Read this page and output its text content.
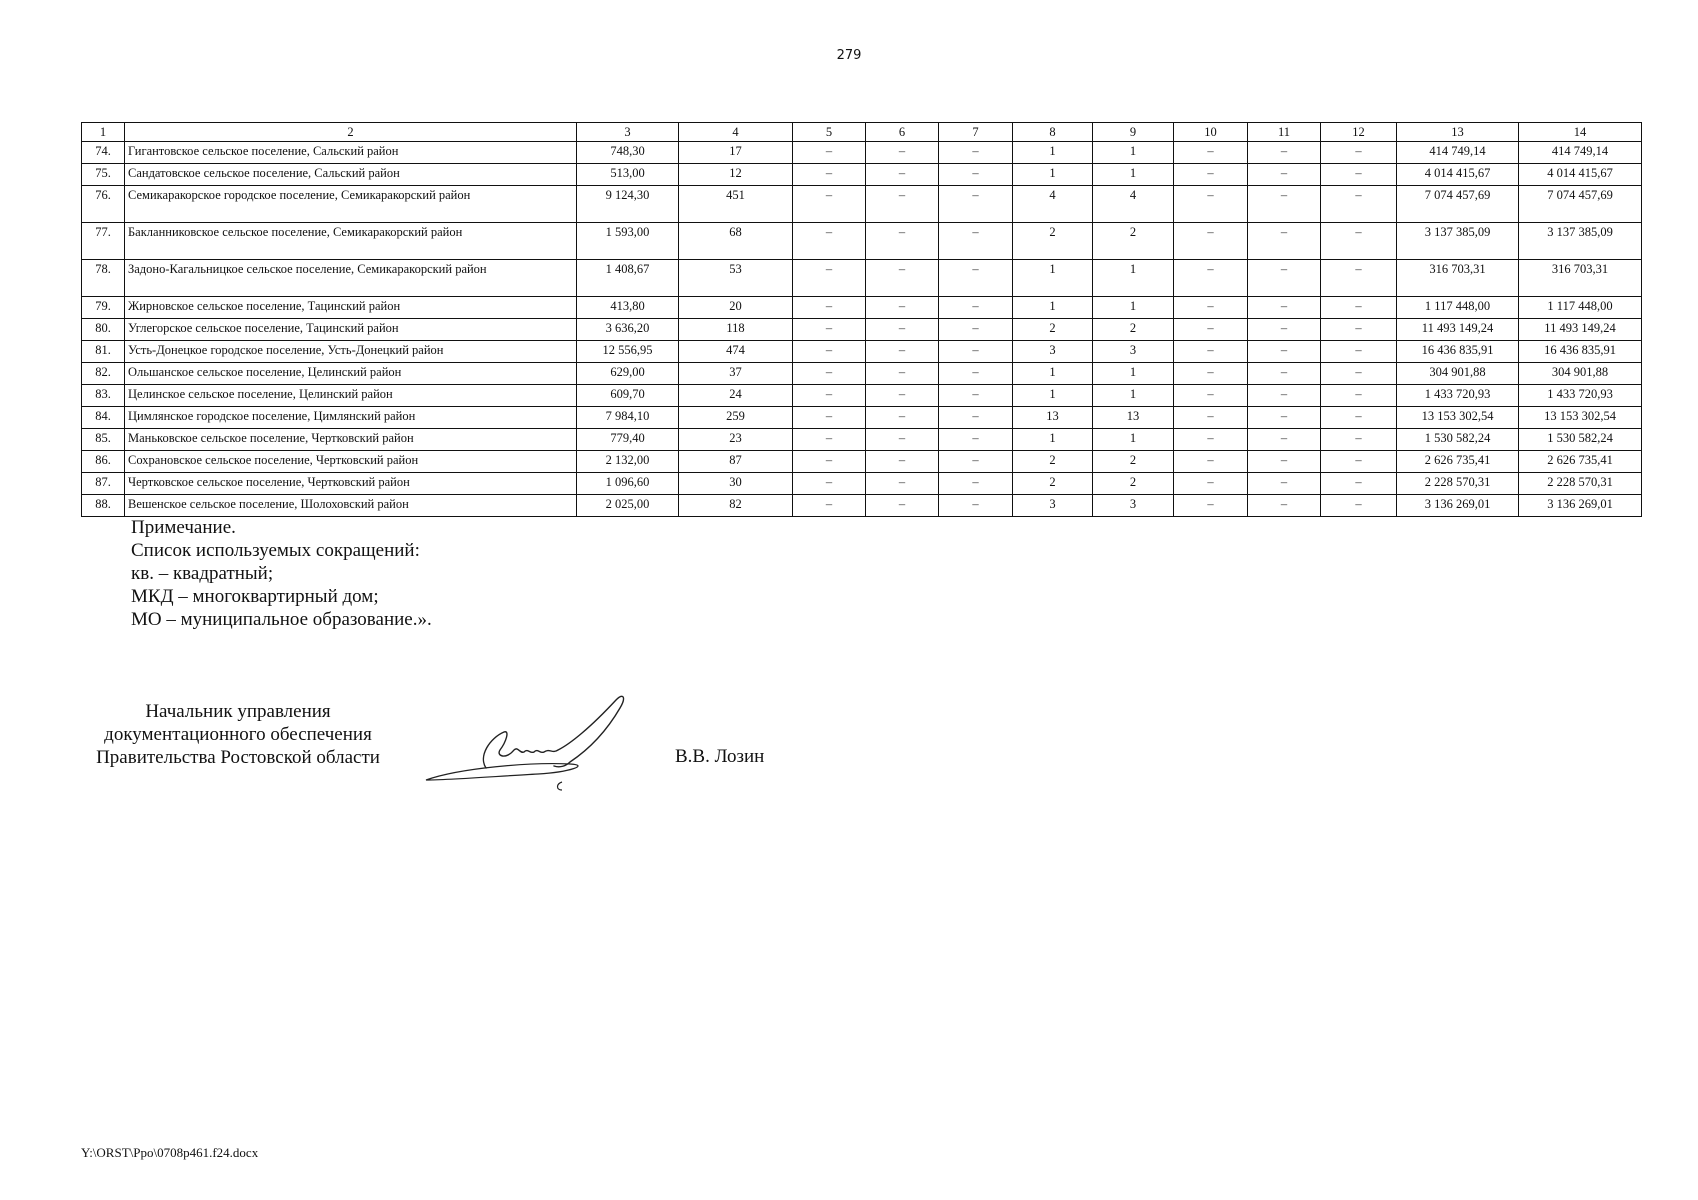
279
1	2	3	4	5	6	7	8	9	10	11	12	13	14
74.	Гигантовское сельское поселение, Сальский район	748,30	17	–	–	–	1	1	–	–	–	414 749,14	414 749,14
75.	Сандатовское сельское поселение, Сальский район	513,00	12	–	–	–	1	1	–	–	–	4 014 415,67	4 014 415,67
76.	Семикаракорское городское поселение, Семикаракорский район	9 124,30	451	–	–	–	4	4	–	–	–	7 074 457,69	7 074 457,69
77.	Бакланниковское сельское поселение, Семикаракорский район	1 593,00	68	–	–	–	2	2	–	–	–	3 137 385,09	3 137 385,09
78.	Задоно-Кагальницкое сельское поселение, Семикаракорский район	1 408,67	53	–	–	–	1	1	–	–	–	316 703,31	316 703,31
79.	Жирновское сельское поселение, Тацинский район	413,80	20	–	–	–	1	1	–	–	–	1 117 448,00	1 117 448,00
80.	Углегорское сельское поселение, Тацинский район	3 636,20	118	–	–	–	2	2	–	–	–	11 493 149,24	11 493 149,24
81.	Усть-Донецкое городское поселение, Усть-Донецкий район	12 556,95	474	–	–	–	3	3	–	–	–	16 436 835,91	16 436 835,91
82.	Ольшанское сельское поселение, Целинский район	629,00	37	–	–	–	1	1	–	–	–	304 901,88	304 901,88
83.	Целинское сельское поселение, Целинский район	609,70	24	–	–	–	1	1	–	–	–	1 433 720,93	1 433 720,93
84.	Цимлянское городское поселение, Цимлянский район	7 984,10	259	–	–	–	13	13	–	–	–	13 153 302,54	13 153 302,54
85.	Маньковское сельское поселение, Чертковский район	779,40	23	–	–	–	1	1	–	–	–	1 530 582,24	1 530 582,24
86.	Сохрановское сельское поселение, Чертковский район	2 132,00	87	–	–	–	2	2	–	–	–	2 626 735,41	2 626 735,41
87.	Чертковское сельское поселение, Чертковский район	1 096,60	30	–	–	–	2	2	–	–	–	2 228 570,31	2 228 570,31
88.	Вешенское сельское поселение, Шолоховский район	2 025,00	82	–	–	–	3	3	–	–	–	3 136 269,01	3 136 269,01
Примечание.
Список используемых сокращений:
кв. – квадратный;
МКД – многоквартирный дом;
МО – муниципальное образование.».
Начальник управления
документационного обеспечения
Правительства Ростовской области	В.В. Лозин
Y:\ORST\Ppo\0708p461.f24.docx
